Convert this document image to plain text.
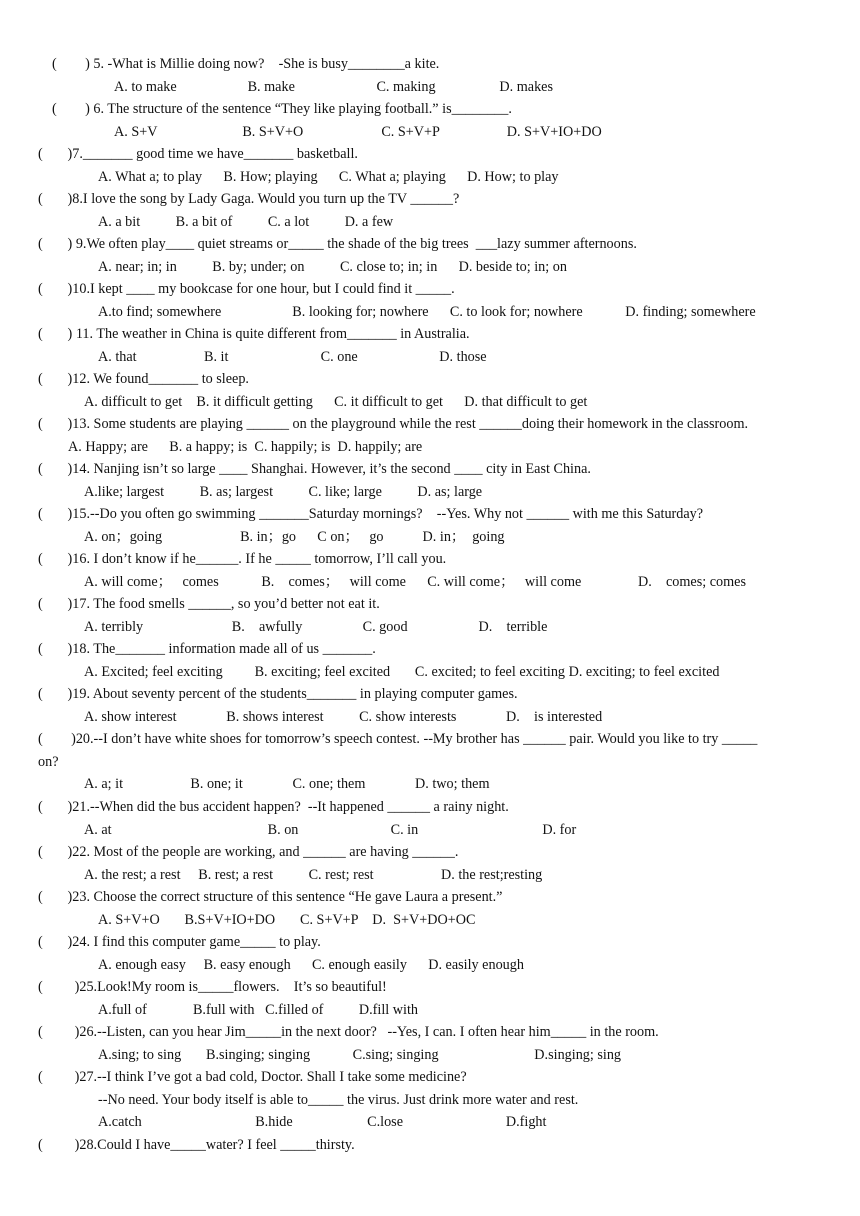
(        ) 5. -What is Millie doing now?    -She is busy________a kite.
A. to make                    B. make                       C. making                  D. makes
(        ) 6. The structure of the sentence “They like playing football.” is________.
A. S+V                        B. S+V+O                      C. S+V+P                   D. S+V+IO+DO
(       )7._______ good time we have_______ basketball.
A. What a; to play      B. How; playing      C. What a; playing      D. How; to play
(       )8.I love the song by Lady Gaga. Would you turn up the TV ______?
A. a bit          B. a bit of          C. a lot          D. a few
(       ) 9.We often play____ quiet streams or_____ the shade of the big trees  ___lazy summer afternoons.
A. near; in; in          B. by; under; on          C. close to; in; in      D. beside to; in; on
(       )10.I kept ____ my bookcase for one hour, but I could find it _____.
A.to find; somewhere                    B. looking for; nowhere      C. to look for; nowhere            D. finding; somewhere
(       ) 11. The weather in China is quite different from_______ in Australia.
A. that                   B. it                          C. one                       D. those
(       )12. We found_______ to sleep.
A. difficult to get    B. it difficult getting      C. it difficult to get      D. that difficult to get
(       )13. Some students are playing ______ on the playground while the rest ______doing their homework in the classroom.
A. Happy; are      B. a happy; is  C. happily; is  D. happily; are
(       )14. Nanjing isn’t so large ____ Shanghai. However, it’s the second ____ city in East China.
A.like; largest          B. as; largest          C. like; large          D. as; large
(       )15.--Do you often go swimming _______Saturday mornings?    --Yes. Why not ______ with me this Saturday?
A. on；going                      B. in；go      C on；   go           D. in；  going
(       )16. I don’t know if he______. If he _____ tomorrow, I’ll call you.
A. will come；   comes            B.    comes；   will come      C. will come；   will come                D.    comes; comes
(       )17. The food smells ______, so you’d better not eat it.
A. terribly                         B.    awfully                 C. good                    D.    terrible
(       )18. The_______ information made all of us _______.
A. Excited; feel exciting         B. exciting; feel excited       C. excited; to feel exciting D. exciting; to feel excited
(       )19. About seventy percent of the students_______ in playing computer games.
A. show interest              B. shows interest          C. show interests              D.    is interested
(        )20.--I don’t have white shoes for tomorrow’s speech contest. --My brother has ______ pair. Would you like to try _____
on?
A. a; it                   B. one; it              C. one; them              D. two; them
(       )21.--When did the bus accident happen?  --It happened ______ a rainy night.
A. at                                            B. on                          C. in                                   D. for
(       )22. Most of the people are working, and ______ are having ______.
A. the rest; a rest     B. rest; a rest          C. rest; rest                   D. the rest;resting
(       )23. Choose the correct structure of this sentence “He gave Laura a present.”
A. S+V+O       B.S+V+IO+DO       C. S+V+P    D.  S+V+DO+OC
(       )24. I find this computer game_____ to play.
A. enough easy     B. easy enough      C. enough easily      D. easily enough
(         )25.Look!My room is_____flowers.    It’s so beautiful!
A.full of             B.full with   C.filled of          D.fill with
(         )26.--Listen, can you hear Jim_____in the next door?   --Yes, I can. I often hear him_____ in the room.
A.sing; to sing       B.singing; singing            C.sing; singing                           D.singing; sing
(         )27.--I think I’ve got a bad cold, Doctor. Shall I take some medicine?
--No need. Your body itself is able to_____ the virus. Just drink more water and rest.
A.catch                                B.hide                     C.lose                             D.fight
(         )28.Could I have_____water? I feel _____thirsty.
